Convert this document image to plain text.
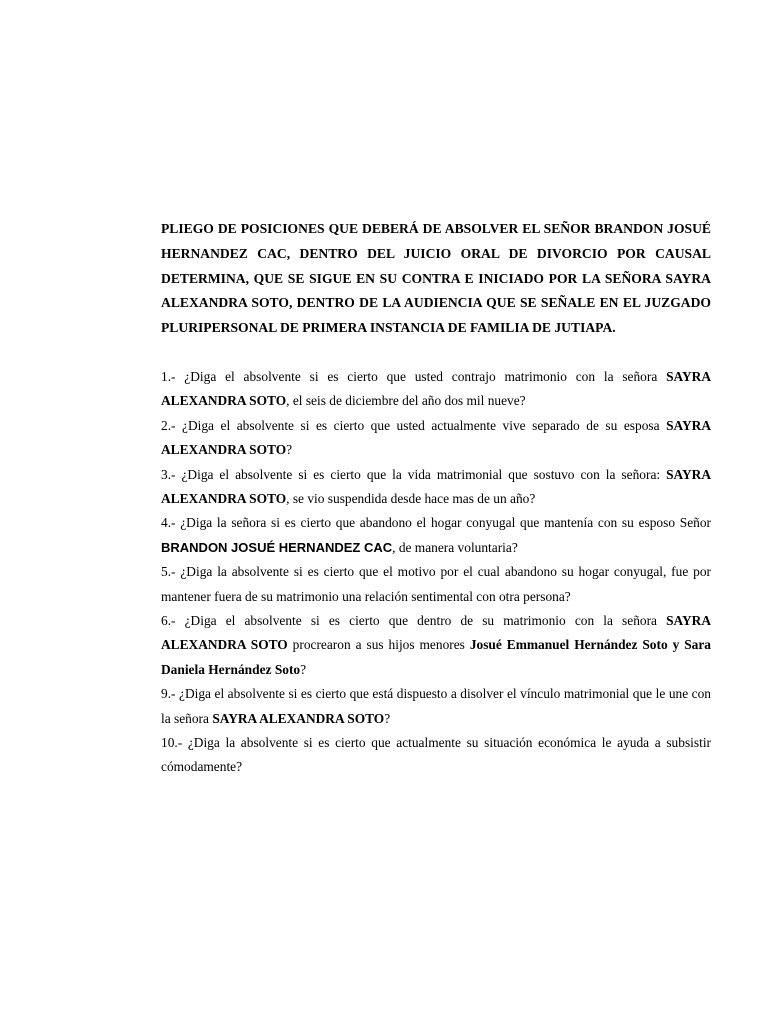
PLIEGO DE POSICIONES QUE DEBERÁ DE ABSOLVER EL SEÑOR BRANDON JOSUÉ HERNANDEZ CAC, DENTRO DEL JUICIO ORAL DE DIVORCIO POR CAUSAL DETERMINA, QUE SE SIGUE EN SU CONTRA E INICIADO POR LA SEÑORA SAYRA ALEXANDRA SOTO, DENTRO DE LA AUDIENCIA QUE SE SEÑALE EN EL JUZGADO PLURIPERSONAL DE PRIMERA INSTANCIA DE FAMILIA DE JUTIAPA.

1.- ¿Diga el absolvente si es cierto que usted contrajo matrimonio con la señora SAYRA ALEXANDRA SOTO, el seis de diciembre del año dos mil nueve?

2.- ¿Diga el absolvente si es cierto que usted actualmente vive separado de su esposa SAYRA ALEXANDRA SOTO?

3.- ¿Diga el absolvente si es cierto que la vida matrimonial que sostuvo con la señora: SAYRA ALEXANDRA SOTO, se vio suspendida desde hace mas de un año?

4.- ¿Diga la señora si es cierto que abandono el hogar conyugal que mantenía con su esposo Señor BRANDON JOSUÉ HERNANDEZ CAC, de manera voluntaria?

5.- ¿Diga la absolvente si es cierto que el motivo por el cual abandono su hogar conyugal, fue por mantener fuera de su matrimonio una relación sentimental con otra persona?

6.- ¿Diga el absolvente si es cierto que dentro de su matrimonio con la señora SAYRA ALEXANDRA SOTO procrearon a sus hijos menores Josué Emmanuel Hernández Soto y Sara Daniela Hernández Soto?

9.- ¿Diga el absolvente si es cierto que está dispuesto a disolver el vínculo matrimonial que le une con la señora SAYRA ALEXANDRA SOTO?

10.- ¿Diga la absolvente si es cierto que actualmente su situación económica le ayuda a subsistir cómodamente?
